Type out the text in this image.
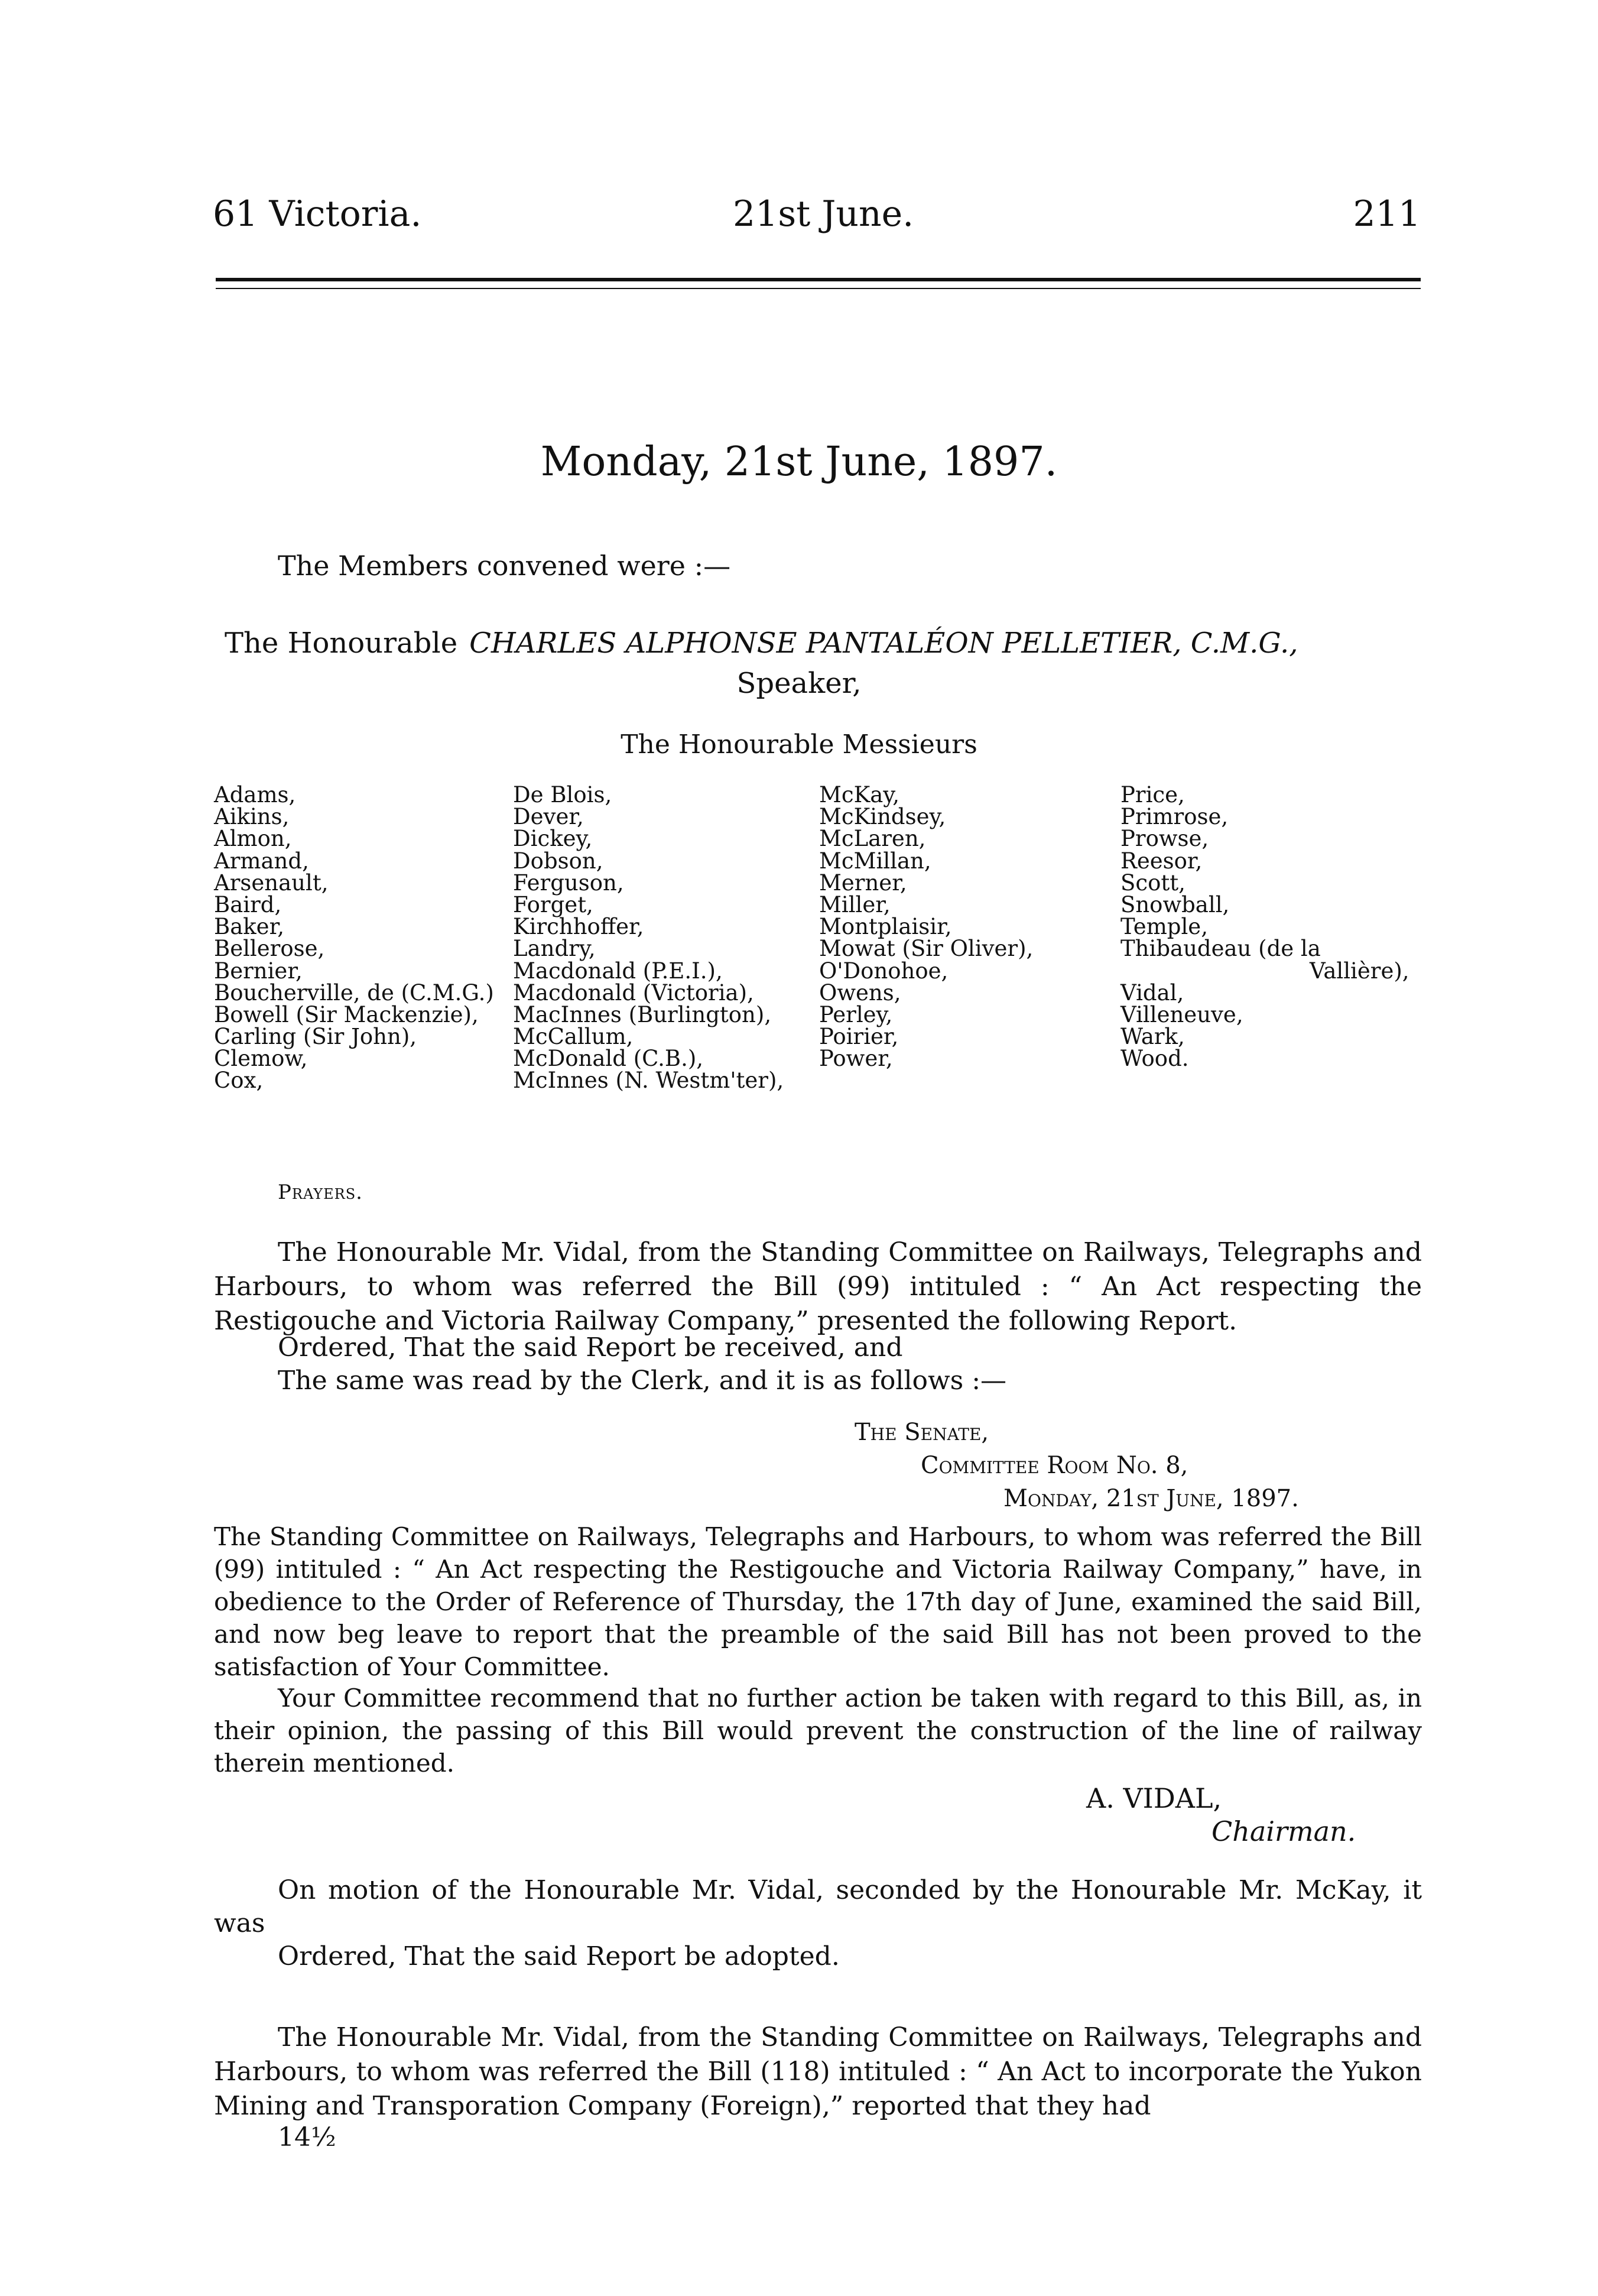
61 Victoria.	21st June.	211
Monday, 21st June, 1897.
The Members convened were :—
The Honourable CHARLES ALPHONSE PANTALÉON PELLETIER, C.M.G.,
Speaker,
The Honourable Messieurs
Adams,
Aikins,
Almon,
Armand,
Arsenault,
Baird,
Baker,
Bellerose,
Bernier,
Boucherville, de (C.M.G.)
Bowell (Sir Mackenzie),
Carling (Sir John),
Clemow,
Cox,
De Blois,
Dever,
Dickey,
Dobson,
Ferguson,
Forget,
Kirchhoffer,
Landry,
Macdonald (P.E.I.),
Macdonald (Victoria),
MacInnes (Burlington),
McCallum,
McDonald (C.B.),
McInnes (N. Westm'ter),
McKay,
McKindsey,
McLaren,
McMillan,
Merner,
Miller,
Montplaisir,
Mowat (Sir Oliver),
O'Donohoe,
Owens,
Perley,
Poirier,
Power,
Price,
Primrose,
Prowse,
Reesor,
Scott,
Snowball,
Temple,
Thibaudeau (de la
Vallière),
Vidal,
Villeneuve,
Wark,
Wood.
Prayers.
The Honourable Mr. Vidal, from the Standing Committee on Railways, Telegraphs and Harbours, to whom was referred the Bill (99) intituled : “ An Act respecting the Restigouche and Victoria Railway Company,” presented the following Report.
Ordered, That the said Report be received, and
The same was read by the Clerk, and it is as follows :—
The Senate,
Committee Room No. 8,
Monday, 21st June, 1897.
The Standing Committee on Railways, Telegraphs and Harbours, to whom was referred the Bill (99) intituled : “ An Act respecting the Restigouche and Victoria Railway Company,” have, in obedience to the Order of Reference of Thursday, the 17th day of June, examined the said Bill, and now beg leave to report that the preamble of the said Bill has not been proved to the satisfaction of Your Committee.
Your Committee recommend that no further action be taken with regard to this Bill, as, in their opinion, the passing of this Bill would prevent the construction of the line of railway therein mentioned.
A. VIDAL,
Chairman.
On motion of the Honourable Mr. Vidal, seconded by the Honourable Mr. McKay, it was
Ordered, That the said Report be adopted.
The Honourable Mr. Vidal, from the Standing Committee on Railways, Telegraphs and Harbours, to whom was referred the Bill (118) intituled : “ An Act to incorporate the Yukon Mining and Transporation Company (Foreign),” reported that they had
14½
